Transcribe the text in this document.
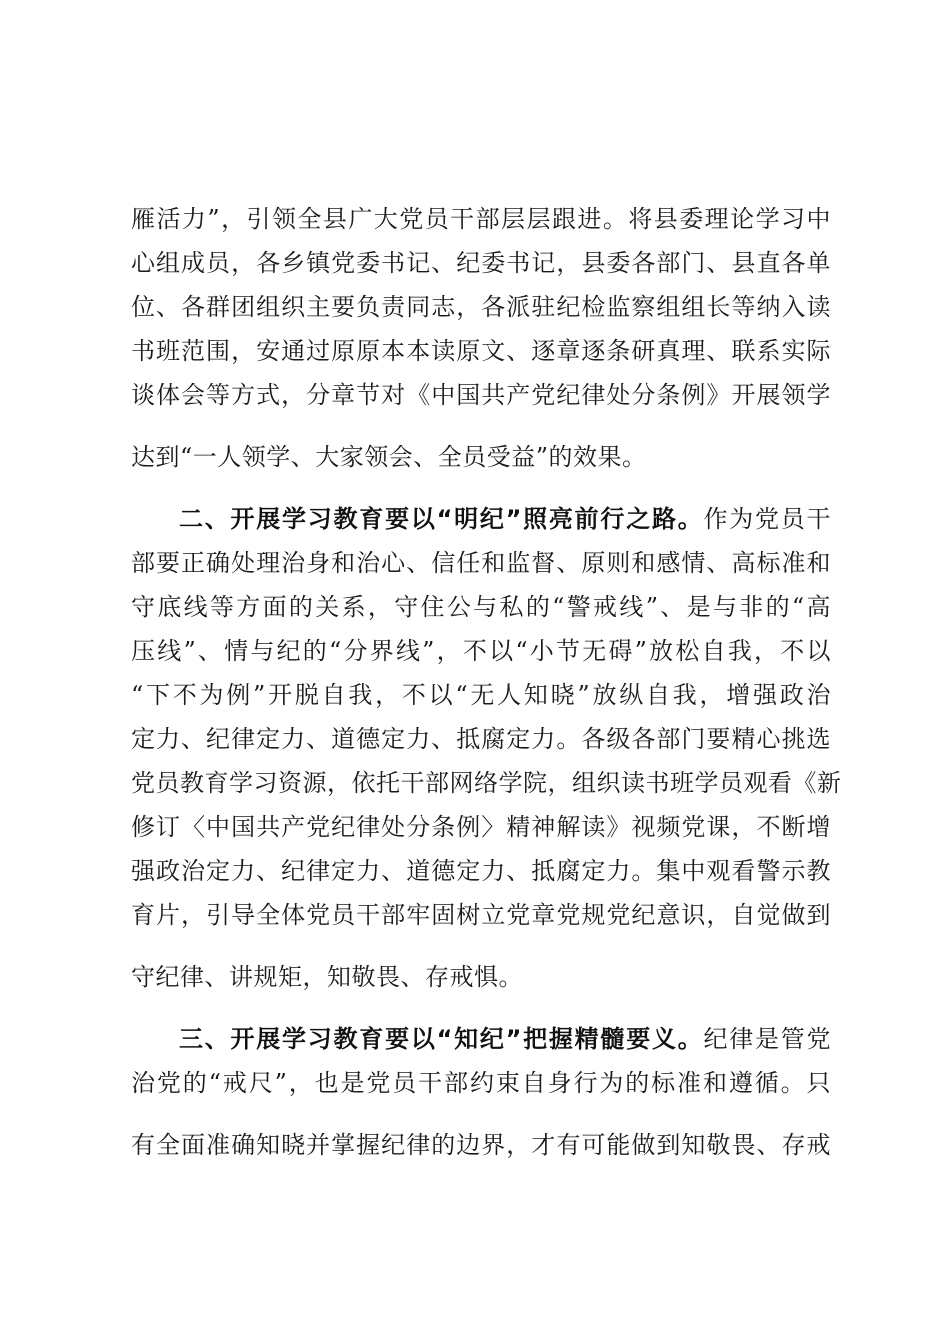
雁活力”，引领全县广大党员干部层层跟进。将县委理论学习中
心组成员，各乡镇党委书记、纪委书记，县委各部门、县直各单
位、各群团组织主要负责同志，各派驻纪检监察组组长等纳入读
书班范围，安通过原原本本读原文、逐章逐条研真理、联系实际
谈体会等方式，分章节对《中国共产党纪律处分条例》开展领学
达到“一人领学、大家领会、全员受益”的效果。
二、开展学习教育要以“明纪”照亮前行之路。作为党员干
部要正确处理治身和治心、信任和监督、原则和感情、高标准和
守底线等方面的关系，守住公与私的“警戒线”、是与非的“高
压线”、情与纪的“分界线”，不以“小节无碍”放松自我，不以
“下不为例”开脱自我，不以“无人知晓”放纵自我，增强政治
定力、纪律定力、道德定力、抵腐定力。各级各部门要精心挑选
党员教育学习资源，依托干部网络学院，组织读书班学员观看《新
修订〈中国共产党纪律处分条例〉精神解读》视频党课，不断增
强政治定力、纪律定力、道德定力、抵腐定力。集中观看警示教
育片，引导全体党员干部牢固树立党章党规党纪意识，自觉做到
守纪律、讲规矩，知敬畏、存戒惧。
三、开展学习教育要以“知纪”把握精髓要义。纪律是管党
治党的“戒尺”，也是党员干部约束自身行为的标准和遵循。只
有全面准确知晓并掌握纪律的边界，才有可能做到知敬畏、存戒
